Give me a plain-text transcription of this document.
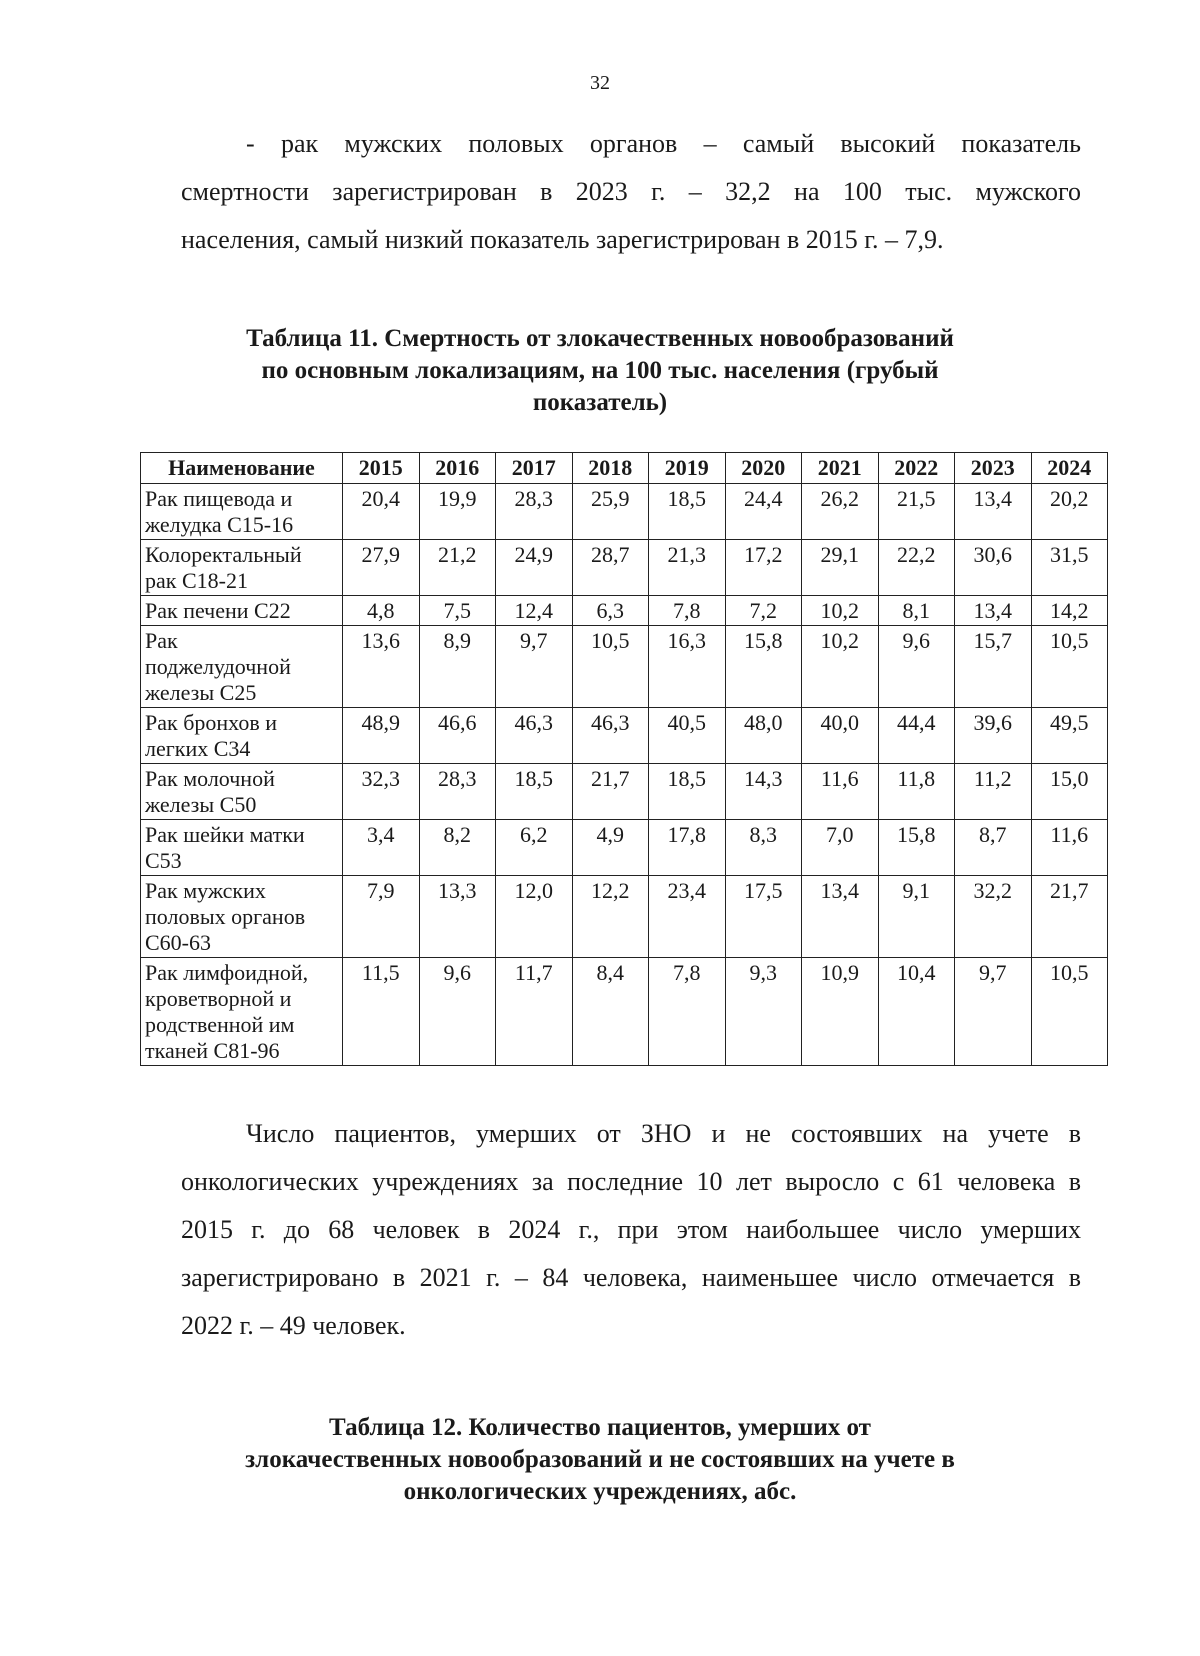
32
- рак мужских половых органов – самый высокий показатель
смертности зарегистрирован в 2023 г. – 32,2 на 100 тыс. мужского
населения, самый низкий показатель зарегистрирован в 2015 г. – 7,9.
Таблица 11. Смертность от злокачественных новообразований
по основным локализациям, на 100 тыс. населения (грубый
показатель)
Наименование	2015	2016	2017	2018	2019	2020	2021	2022	2023	2024

Рак пищевода и
желудка С15-16	20,4	19,9	28,3	25,9	18,5	24,4	26,2	21,5	13,4	20,2

Колоректальный
рак С18-21	27,9	21,2	24,9	28,7	21,3	17,2	29,1	22,2	30,6	31,5

Рак печени С22	4,8	7,5	12,4	6,3	7,8	7,2	10,2	8,1	13,4	14,2

Рак
поджелудочной
железы С25	13,6	8,9	9,7	10,5	16,3	15,8	10,2	9,6	15,7	10,5

Рак бронхов и
легких С34	48,9	46,6	46,3	46,3	40,5	48,0	40,0	44,4	39,6	49,5

Рак молочной
железы С50	32,3	28,3	18,5	21,7	18,5	14,3	11,6	11,8	11,2	15,0

Рак шейки матки
С53	3,4	8,2	6,2	4,9	17,8	8,3	7,0	15,8	8,7	11,6

Рак мужских
половых органов
С60-63	7,9	13,3	12,0	12,2	23,4	17,5	13,4	9,1	32,2	21,7

Рак лимфоидной,
кроветворной и
родственной им
тканей С81-96	11,5	9,6	11,7	8,4	7,8	9,3	10,9	10,4	9,7	10,5
Число пациентов, умерших от ЗНО и не состоявших на учете в
онкологических учреждениях за последние 10 лет выросло с 61 человека в
2015 г. до 68 человек в 2024 г., при этом наибольшее число умерших
зарегистрировано в 2021 г. – 84 человека, наименьшее число отмечается в
2022 г. – 49 человек.
Таблица 12. Количество пациентов, умерших от
злокачественных новообразований и не состоявших на учете в
онкологических учреждениях, абс.
